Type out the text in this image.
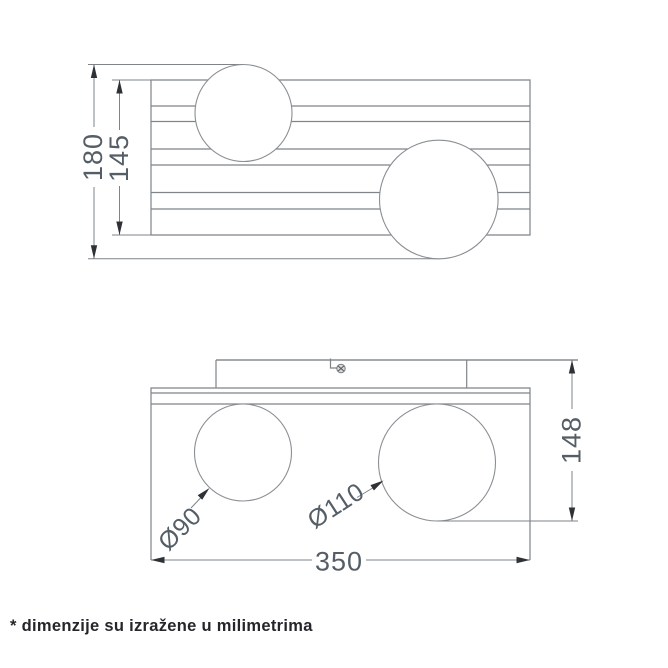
180
145
148
350
Ø90	Ø110
* dimenzije su izražene u milimetrima
